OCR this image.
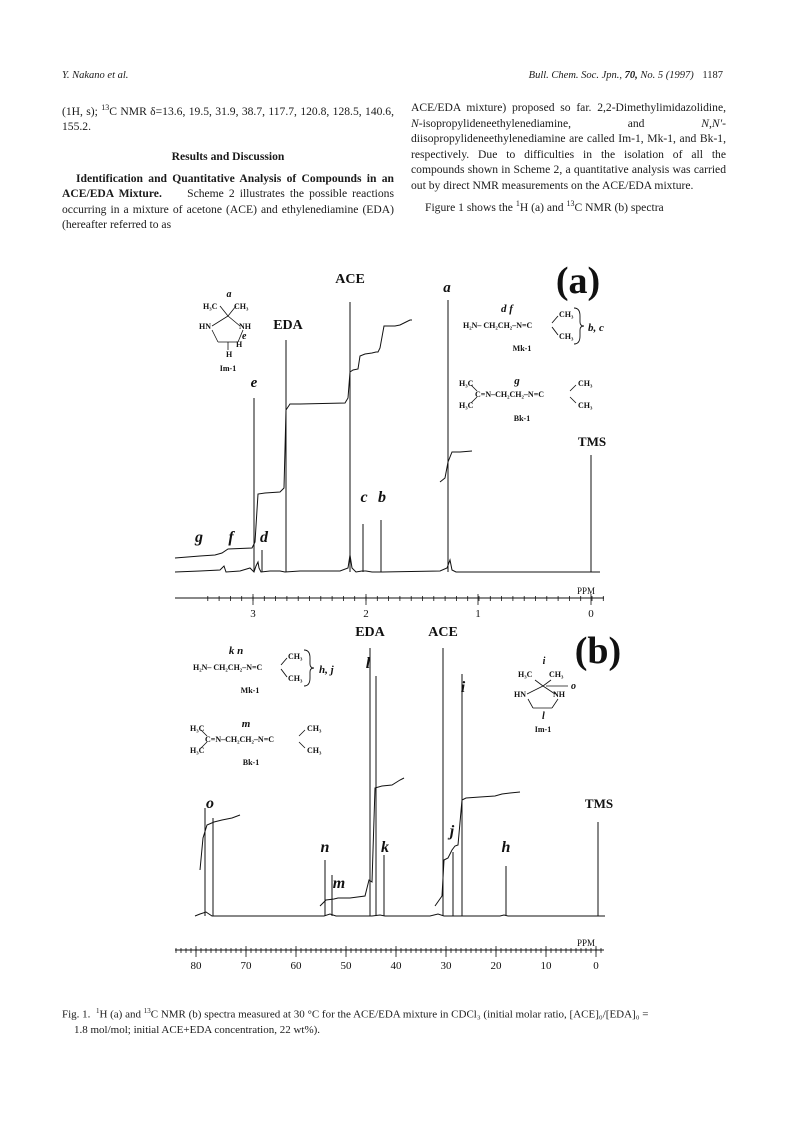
Y. Nakano et al.	Bull. Chem. Soc. Jpn., 70, No. 5 (1997) 1187

(1H, s); $^{13}$C NMR δ=13.6, 19.5, 31.9, 38.7, 117.7, 120.8, 128.5, 140.6, 155.2.

Results and Discussion

Identification and Quantitative Analysis of Compounds in an ACE/EDA Mixture. Scheme 2 illustrates the possible reactions occurring in a mixture of acetone (ACE) and ethylenediamine (EDA) (hereafter referred to as

ACE/EDA mixture) proposed so far. 2,2-Dimethylimidazolidine, N-isopropylideneethylenediamine, and	N,N′-diisopropylideneethylenediamine are called Im-1, Mk-1, and Bk-1, respectively. Due to difficulties in the isolation of all the compounds shown in Scheme 2, a quantitative analysis was carried out by direct NMR measurements on the ACE/EDA mixture.

Figure 1 shows the $^1$H (a) and $^{13}$C NMR (b) spectra

(a)
ACE
a
EDA
e
c b
g f d
TMS
PPM
3	2	1	0
a
H₃C CH₃
HN	NH
e
H
H
Im-1
d f	CH₃
H₂N– CH₂CH₂–N=C
CH₃
Mk-1
b, c
g
H₃C	CH₃
C=N–CH₂CH₂–N=C
H₃C	CH₃
Bk-1
(b)
EDA	ACE
l
i
o	TMS
j
n	k	h
m
PPM
80	70	60	50	40	30	20	10	0
k n	CH₃
H₂N– CH₂CH₂–N=C
CH₃
Mk-1
h, j
m
H₃C	CH₃
C=N–CH₂CH₂–N=C
H₃C	CH₃
Bk-1
i
H₃C CH₃
o
HN	NH
l
Im-1

Fig. 1. $^1$H (a) and $^{13}$C NMR (b) spectra measured at 30 °C for the ACE/EDA mixture in CDCl₃ (initial molar ratio, [ACE]₀/[EDA]₀ =

1.8 mol/mol; initial ACE+EDA concentration, 22 wt%).
